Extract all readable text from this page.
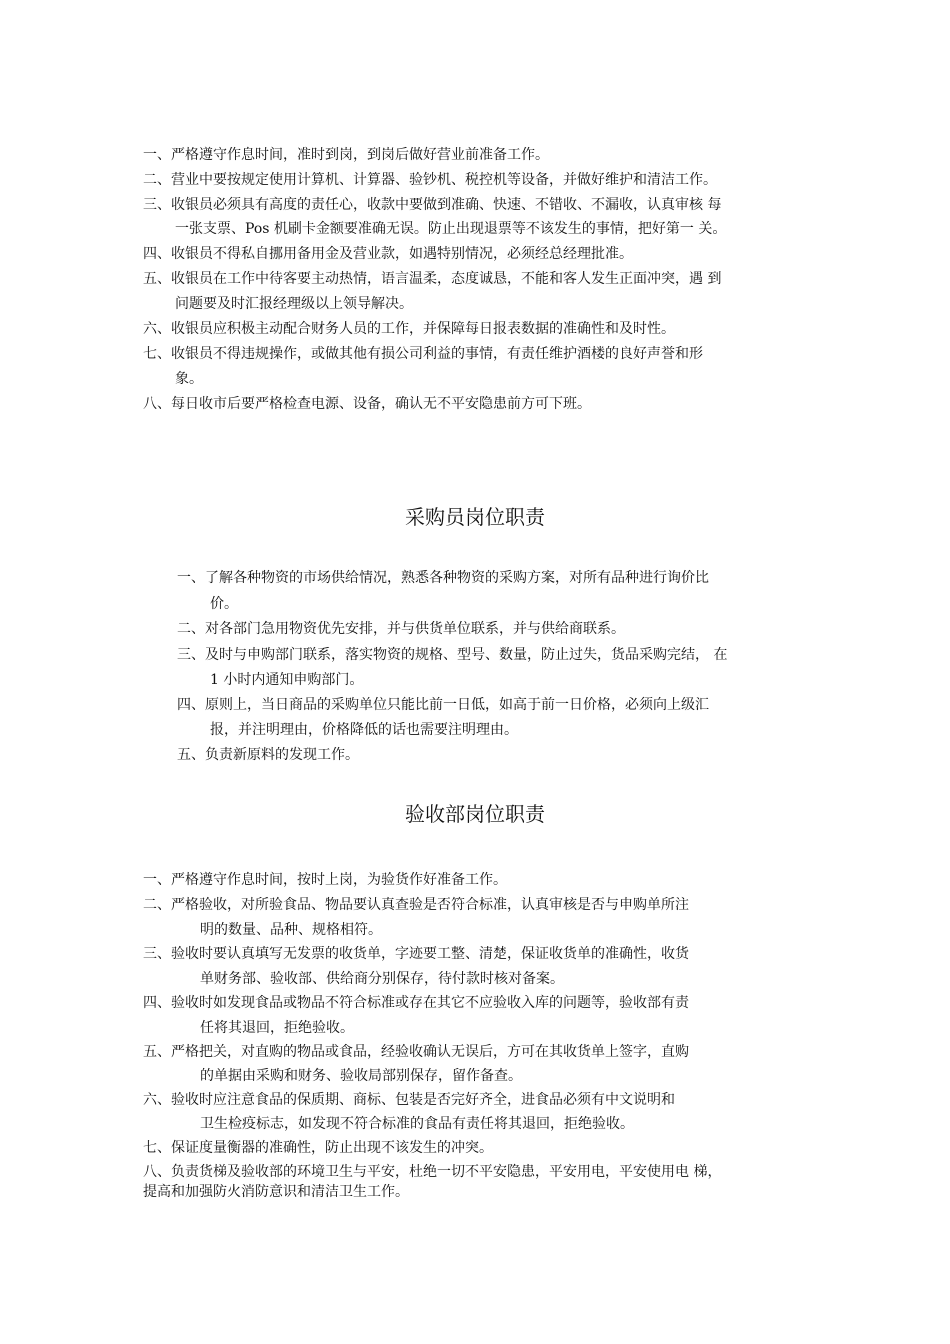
一、严格遵守作息时间，准时到岗，到岗后做好营业前准备工作。
二、营业中要按规定使用计算机、计算器、验钞机、税控机等设备，并做好维护和清洁工作。
三、收银员必须具有高度的责任心，收款中要做到准确、快速、不错收、不漏收，认真审核 每
一张支票、Pos 机刷卡金额要准确无误。防止出现退票等不该发生的事情，把好第一 关。
四、收银员不得私自挪用备用金及营业款，如遇特别情况，必须经总经理批准。
五、收银员在工作中待客要主动热情，语言温柔，态度诚恳，不能和客人发生正面冲突，遇 到
问题要及时汇报经理级以上领导解决。
六、收银员应积极主动配合财务人员的工作，并保障每日报表数据的准确性和及时性。
七、收银员不得违规操作，或做其他有损公司利益的事情，有责任维护酒楼的良好声誉和形
象。
八、每日收市后要严格检查电源、设备，确认无不平安隐患前方可下班。
采购员岗位职责
一、了解各种物资的市场供给情况，熟悉各种物资的采购方案，对所有品种进行询价比
价。
二、对各部门急用物资优先安排，并与供货单位联系，并与供给商联系。
三、及时与申购部门联系，落实物资的规格、型号、数量，防止过失，货品采购完结， 在
1 小时内通知申购部门。
四、原则上，当日商品的采购单位只能比前一日低，如高于前一日价格，必须向上级汇
报，并注明理由，价格降低的话也需要注明理由。
五、负责新原料的发现工作。
验收部岗位职责
一、严格遵守作息时间，按时上岗，为验货作好准备工作。
二、严格验收，对所验食品、物品要认真查验是否符合标准，认真审核是否与申购单所注
明的数量、品种、规格相符。
三、验收时要认真填写无发票的收货单，字迹要工整、清楚，保证收货单的准确性，收货
单财务部、验收部、供给商分别保存，待付款时核对备案。
四、验收时如发现食品或物品不符合标准或存在其它不应验收入库的问题等，验收部有责
任将其退回，拒绝验收。
五、严格把关，对直购的物品或食品，经验收确认无误后，方可在其收货单上签字，直购
的单据由采购和财务、验收局部别保存，留作备查。
六、验收时应注意食品的保质期、商标、包装是否完好齐全，进食品必须有中文说明和
卫生检疫标志，如发现不符合标准的食品有责任将其退回，拒绝验收。
七、保证度量衡器的准确性，防止出现不该发生的冲突。
八、负责货梯及验收部的环境卫生与平安，杜绝一切不平安隐患，平安用电，平安使用电 梯，
提高和加强防火消防意识和清洁卫生工作。
